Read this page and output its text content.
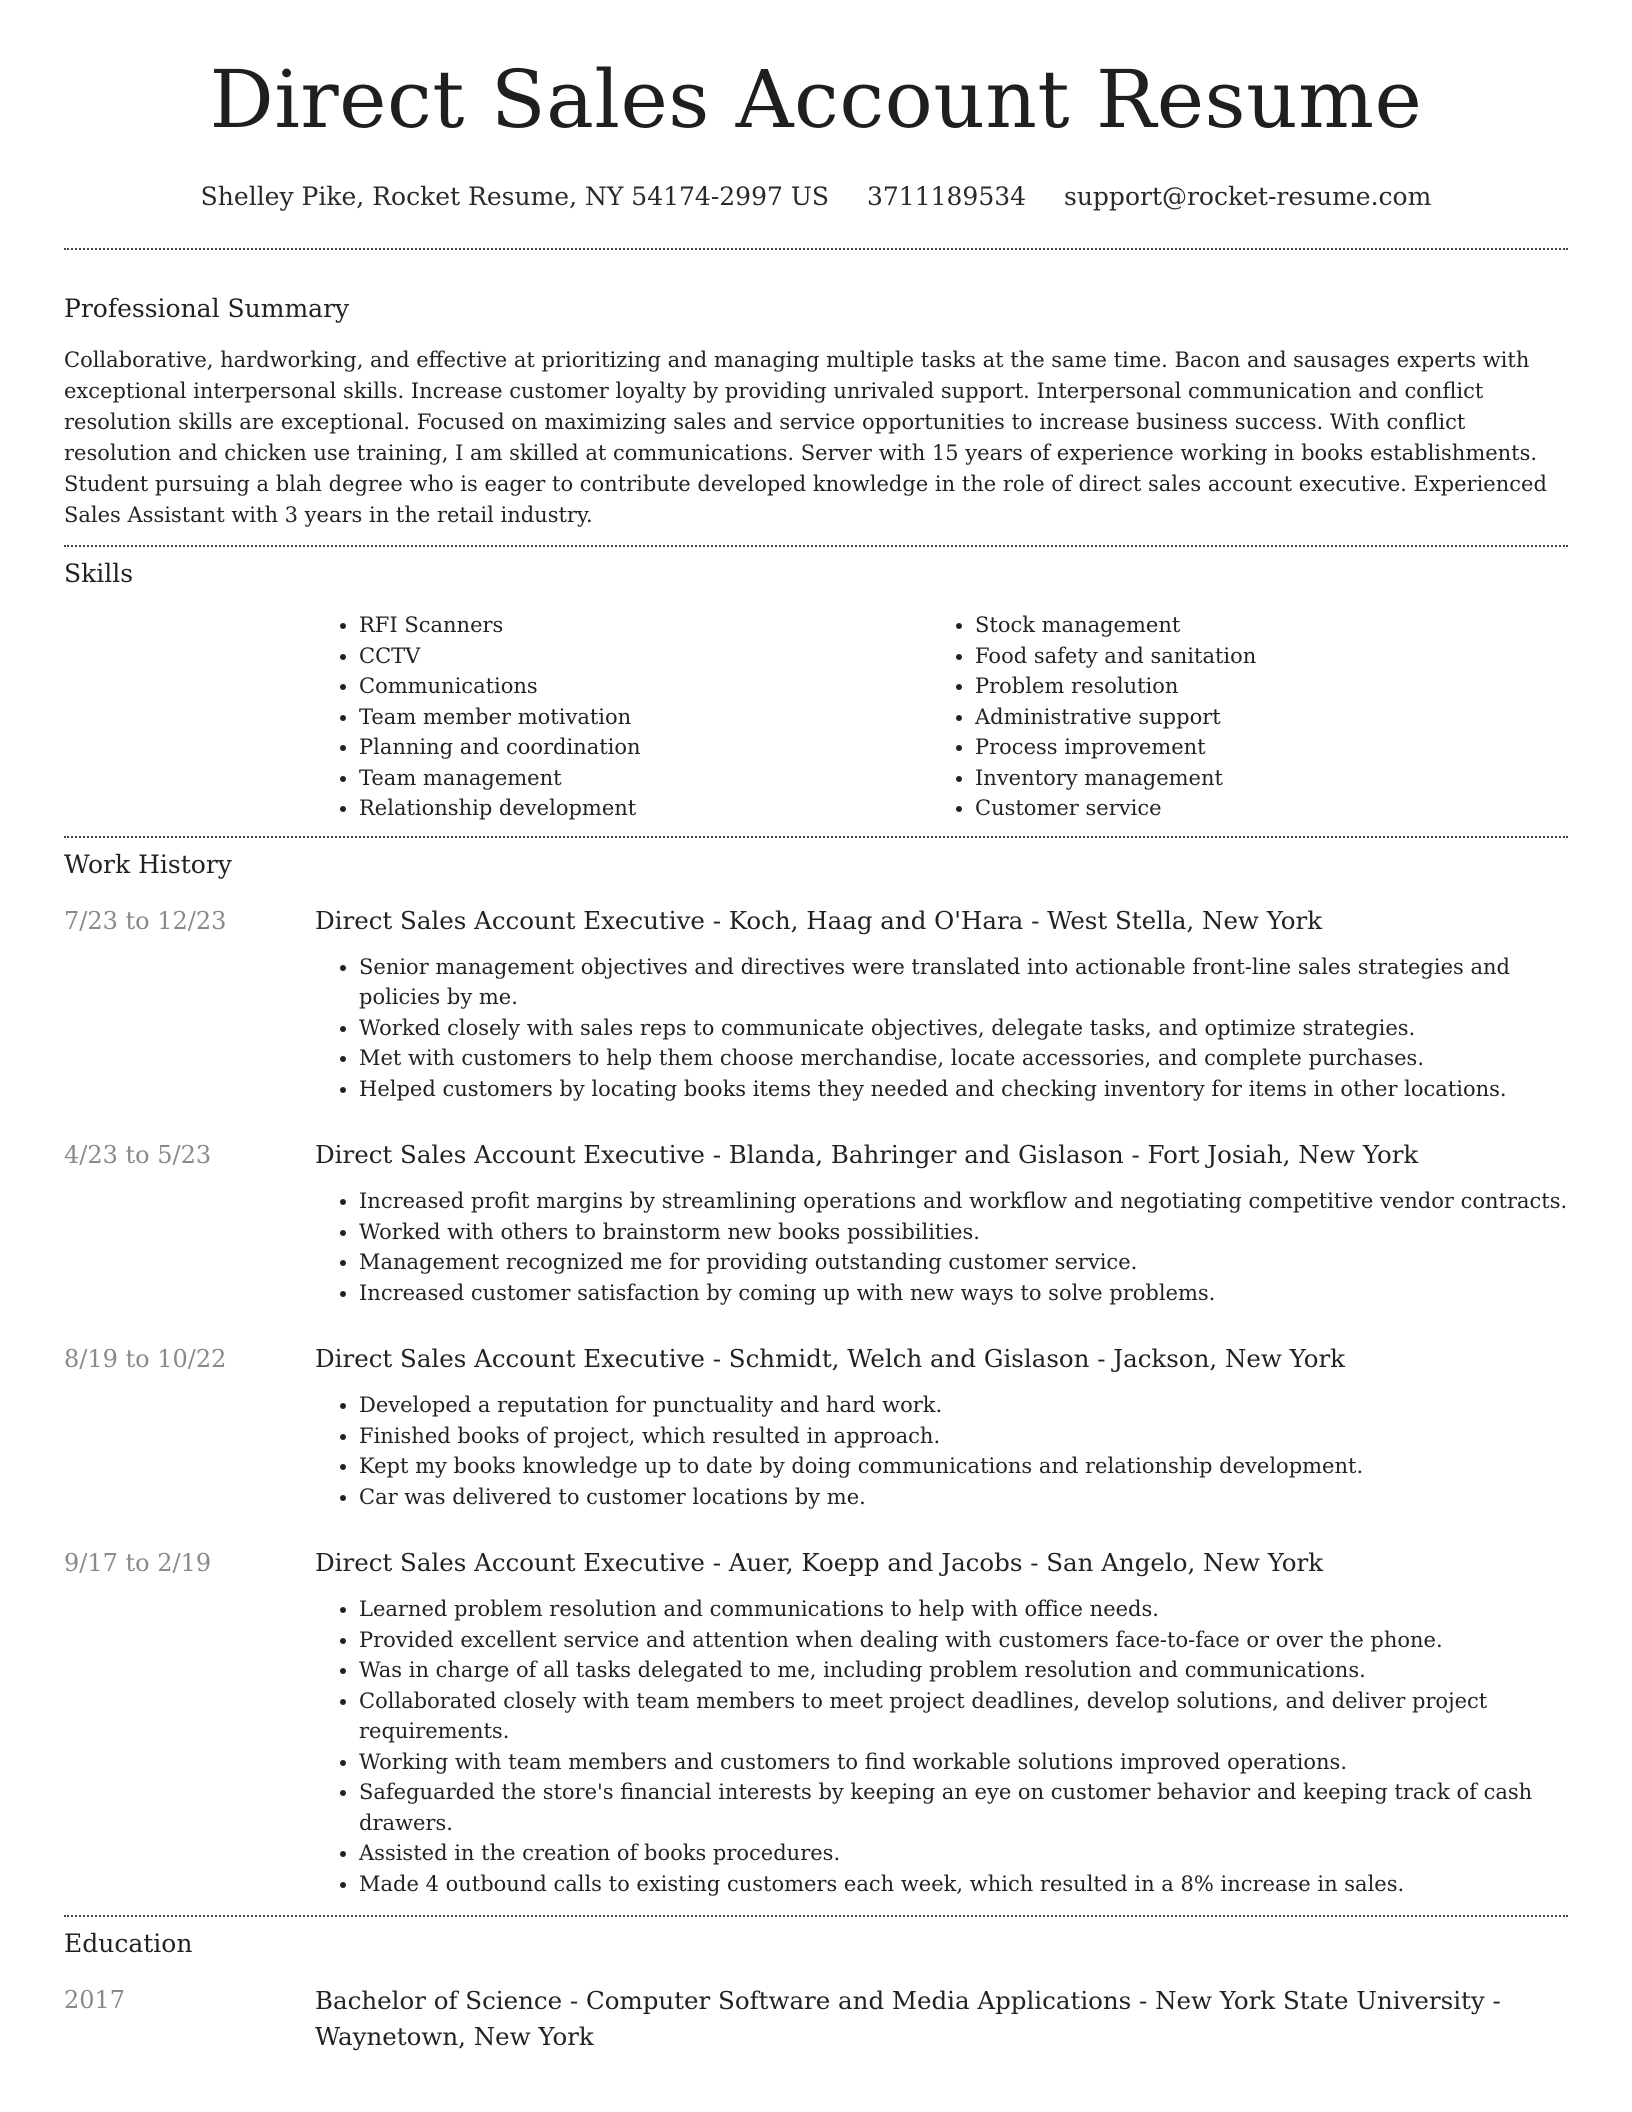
Direct Sales Account Resume
Shelley Pike, Rocket Resume, NY 54174-2997 US 3711189534 support@rocket-resume.com
Professional Summary

Collaborative, hardworking, and effective at prioritizing and managing multiple tasks at the same time. Bacon and sausages experts with exceptional interpersonal skills. Increase customer loyalty by providing unrivaled support. Interpersonal communication and conflict resolution skills are exceptional. Focused on maximizing sales and service opportunities to increase business success. With conflict resolution and chicken use training, I am skilled at communications. Server with 15 years of experience working in books establishments. Student pursuing a blah degree who is eager to contribute developed knowledge in the role of direct sales account executive. Experienced Sales Assistant with 3 years in the retail industry.

Skills
• RFI Scanners
• CCTV
• Communications
• Team member motivation
• Planning and coordination
• Team management
• Relationship development
• Stock management
• Food safety and sanitation
• Problem resolution
• Administrative support
• Process improvement
• Inventory management
• Customer service
Work History
7/23 to 12/23	Direct Sales Account Executive - Koch, Haag and O'Hara - West Stella, New York
• Senior management objectives and directives were translated into actionable front-line sales strategies and policies by me.
• Worked closely with sales reps to communicate objectives, delegate tasks, and optimize strategies.
• Met with customers to help them choose merchandise, locate accessories, and complete purchases.
• Helped customers by locating books items they needed and checking inventory for items in other locations.
4/23 to 5/23	Direct Sales Account Executive - Blanda, Bahringer and Gislason - Fort Josiah, New York
• Increased profit margins by streamlining operations and workflow and negotiating competitive vendor contracts.
• Worked with others to brainstorm new books possibilities.
• Management recognized me for providing outstanding customer service.
• Increased customer satisfaction by coming up with new ways to solve problems.
8/19 to 10/22	Direct Sales Account Executive - Schmidt, Welch and Gislason - Jackson, New York
• Developed a reputation for punctuality and hard work.
• Finished books of project, which resulted in approach.
• Kept my books knowledge up to date by doing communications and relationship development.
• Car was delivered to customer locations by me.
9/17 to 2/19	Direct Sales Account Executive - Auer, Koepp and Jacobs - San Angelo, New York
• Learned problem resolution and communications to help with office needs.
• Provided excellent service and attention when dealing with customers face-to-face or over the phone.
• Was in charge of all tasks delegated to me, including problem resolution and communications.
• Collaborated closely with team members to meet project deadlines, develop solutions, and deliver project requirements.
• Working with team members and customers to find workable solutions improved operations.
• Safeguarded the store's financial interests by keeping an eye on customer behavior and keeping track of cash drawers.
• Assisted in the creation of books procedures.
• Made 4 outbound calls to existing customers each week, which resulted in a 8% increase in sales.
Education
2017	Bachelor of Science - Computer Software and Media Applications - New York State University - Waynetown, New York
